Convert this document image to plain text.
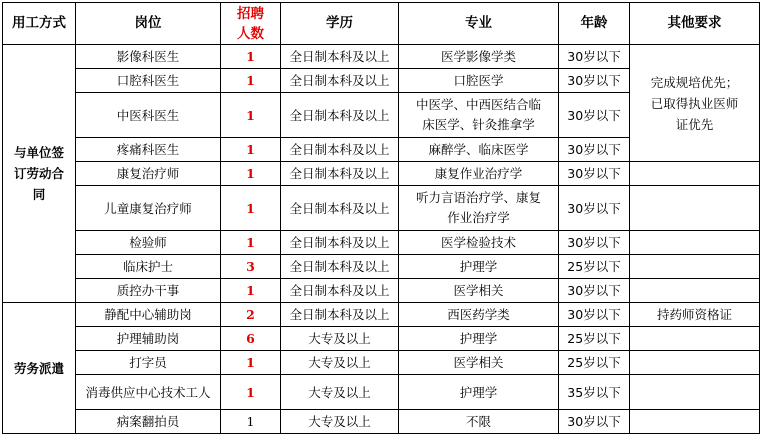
用工方式	岗位	招聘人数	学历	专业	年龄	其他要求
与单位签订劳动合同	影像科医生	1	全日制本科及以上	医学影像学类	30岁以下	完成规培优先；已取得执业医师证优先
	口腔科医生	1	全日制本科及以上	口腔医学	30岁以下	
	中医科医生	1	全日制本科及以上	中医学、中西医结合临床医学、针灸推拿学	30岁以下	
	疼痛科医生	1	全日制本科及以上	麻醉学、临床医学	30岁以下	
	康复治疗师	1	全日制本科及以上	康复作业治疗学	30岁以下	
	儿童康复治疗师	1	全日制本科及以上	听力言语治疗学、康复作业治疗学	30岁以下	
	检验师	1	全日制本科及以上	医学检验技术	30岁以下	
	临床护士	3	全日制本科及以上	护理学	25岁以下	
	质控办干事	1	全日制本科及以上	医学相关	30岁以下	
劳务派遣	静配中心辅助岗	2	全日制本科及以上	西医药学类	30岁以下	持药师资格证
	护理辅助岗	6	大专及以上	护理学	25岁以下	
	打字员	1	大专及以上	医学相关	25岁以下	
	消毒供应中心技术工人	1	大专及以上	护理学	35岁以下	
	病案翻拍员	1	大专及以上	不限	30岁以下	
